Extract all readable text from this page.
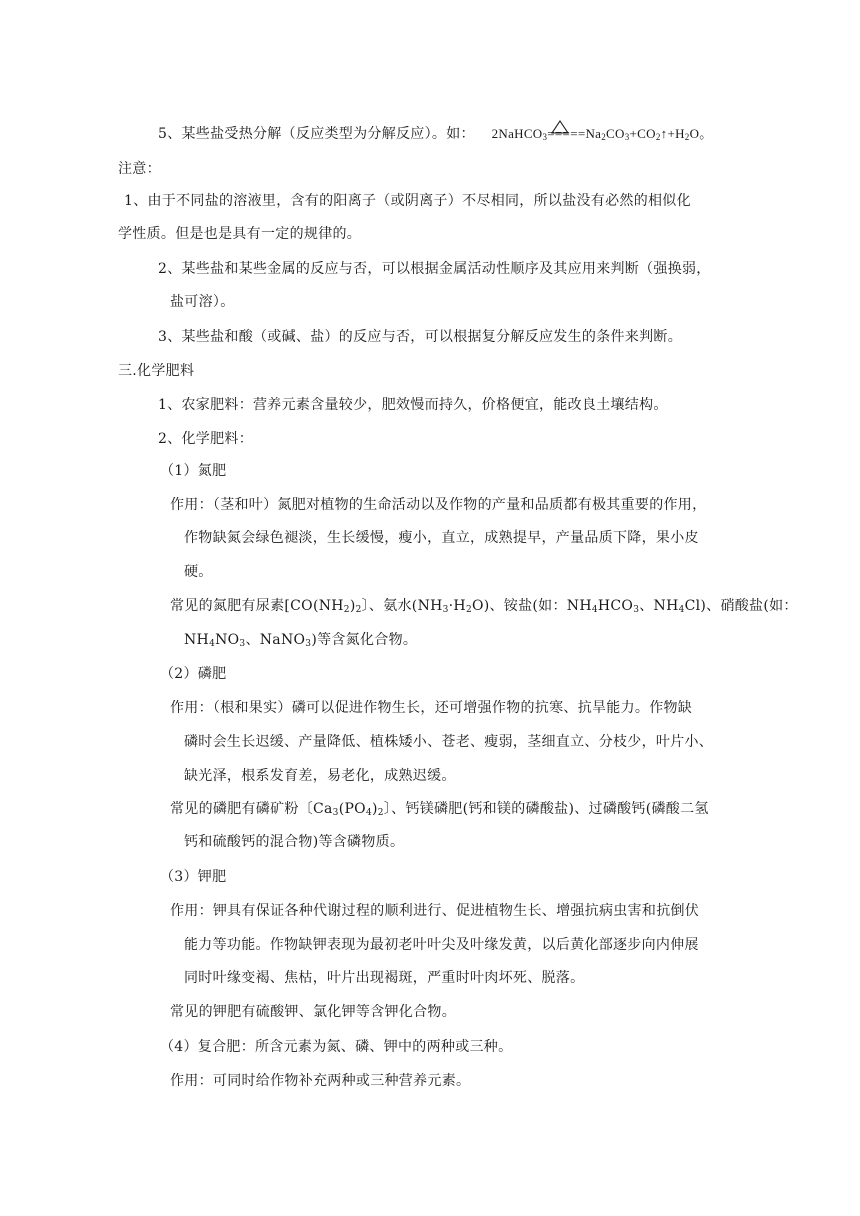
5、某些盐受热分解（反应类型为分解反应）。如： 2NaHCO$_3$
$=====Na_2CO_3+CO_2↑+H_2O$。
注意：
1、由于不同盐的溶液里，含有的阳离子（或阴离子）不尽相同，所以盐没有必然的相似化
学性质。但是也是具有一定的规律的。
2、某些盐和某些金属的反应与否，可以根据金属活动性顺序及其应用来判断（强换弱，
盐可溶）。
3、某些盐和酸（或碱、盐）的反应与否，可以根据复分解反应发生的条件来判断。
三.化学肥料
1、农家肥料：营养元素含量较少，肥效慢而持久，价格便宜，能改良土壤结构。
2、化学肥料：
（1）氮肥
作用：（茎和叶）氮肥对植物的生命活动以及作物的产量和品质都有极其重要的作用，
作物缺氮会绿色褪淡，生长缓慢，瘦小，直立，成熟提早，产量品质下降，果小皮
硬。
常见的氮肥有尿素[$CO(NH_2)_2$〕、氨水$(NH_3\cdot H_2O)$、铵盐(如：$NH_4HCO_3$、$NH_4Cl$)、硝酸盐(如：
$NH_4NO_3$、NaNO$_3$)等含氮化合物。
（2）磷肥
作用：（根和果实）磷可以促进作物生长，还可增强作物的抗寒、抗旱能力。作物缺
磷时会生长迟缓、产量降低、植株矮小、苍老、瘦弱，茎细直立、分枝少，叶片小、
缺光泽，根系发育差，易老化，成熟迟缓。
常见的磷肥有磷矿粉〔$Ca_3(PO_4)_2$〕、钙镁磷肥(钙和镁的磷酸盐)、过磷酸钙(磷酸二氢
钙和硫酸钙的混合物)等含磷物质。
（3）钾肥
作用：钾具有保证各种代谢过程的顺利进行、促进植物生长、增强抗病虫害和抗倒伏
能力等功能。作物缺钾表现为最初老叶叶尖及叶缘发黄，以后黄化部逐步向内伸展
同时叶缘变褐、焦枯，叶片出现褐斑，严重时叶肉坏死、脱落。
常见的钾肥有硫酸钾、氯化钾等含钾化合物。
（4）复合肥：所含元素为氮、磷、钾中的两种或三种。
作用：可同时给作物补充两种或三种营养元素。
